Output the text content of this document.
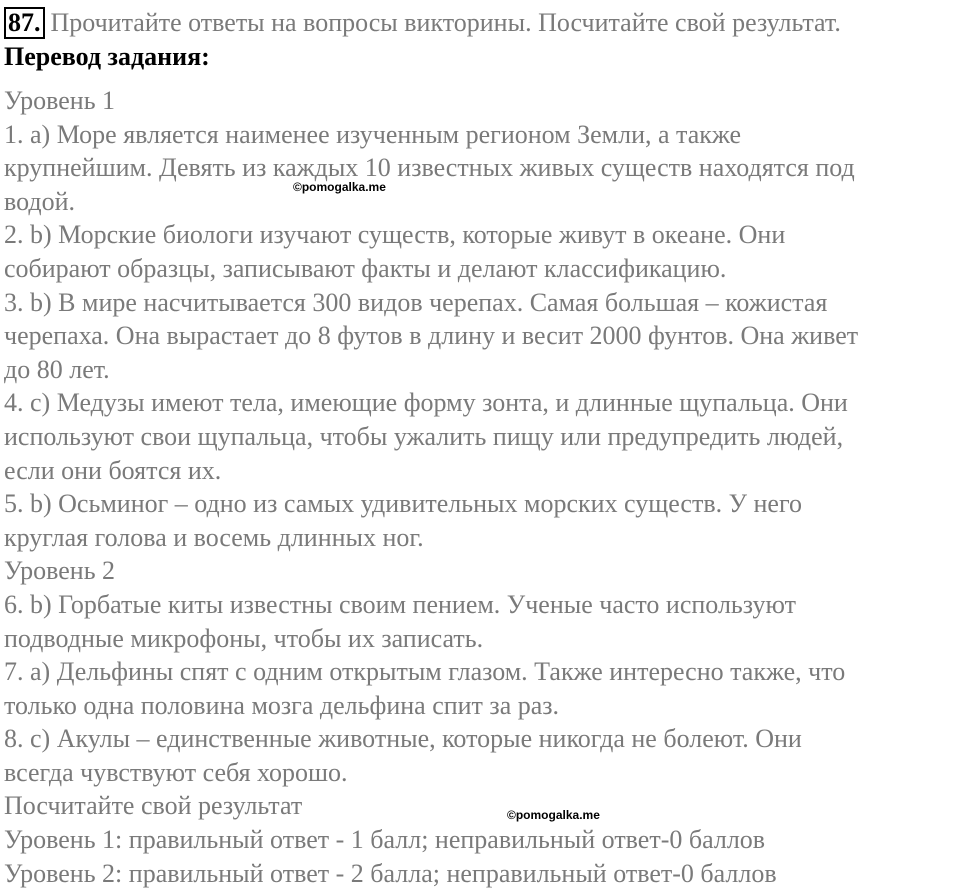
87. Прочитайте ответы на вопросы викторины. Посчитайте свой результат.
Перевод задания:
Уровень 1
1. a) Море является наименее изученным регионом Земли, а также
крупнейшим. Девять из каждых 10 известных живых существ находятся под
водой.
2. b) Морские биологи изучают существ, которые живут в океане. Они
собирают образцы, записывают факты и делают классификацию.
3. b) В мире насчитывается 300 видов черепах. Самая большая – кожистая
черепаха. Она вырастает до 8 футов в длину и весит 2000 фунтов. Она живет
до 80 лет.
4. c) Медузы имеют тела, имеющие форму зонта, и длинные щупальца. Они
используют свои щупальца, чтобы ужалить пищу или предупредить людей,
если они боятся их.
5. b) Осьминог – одно из самых удивительных морских существ. У него
круглая голова и восемь длинных ног.
Уровень 2
6. b) Горбатые киты известны своим пением. Ученые часто используют
подводные микрофоны, чтобы их записать.
7. a) Дельфины спят с одним открытым глазом. Также интересно также, что
только одна половина мозга дельфина спит за раз.
8. c) Акулы – единственные животные, которые никогда не болеют. Они
всегда чувствуют себя хорошо.
Посчитайте свой результат
Уровень 1: правильный ответ - 1 балл; неправильный ответ-0 баллов
Уровень 2: правильный ответ - 2 балла; неправильный ответ-0 баллов
©pomogalka.me
©pomogalka.me
